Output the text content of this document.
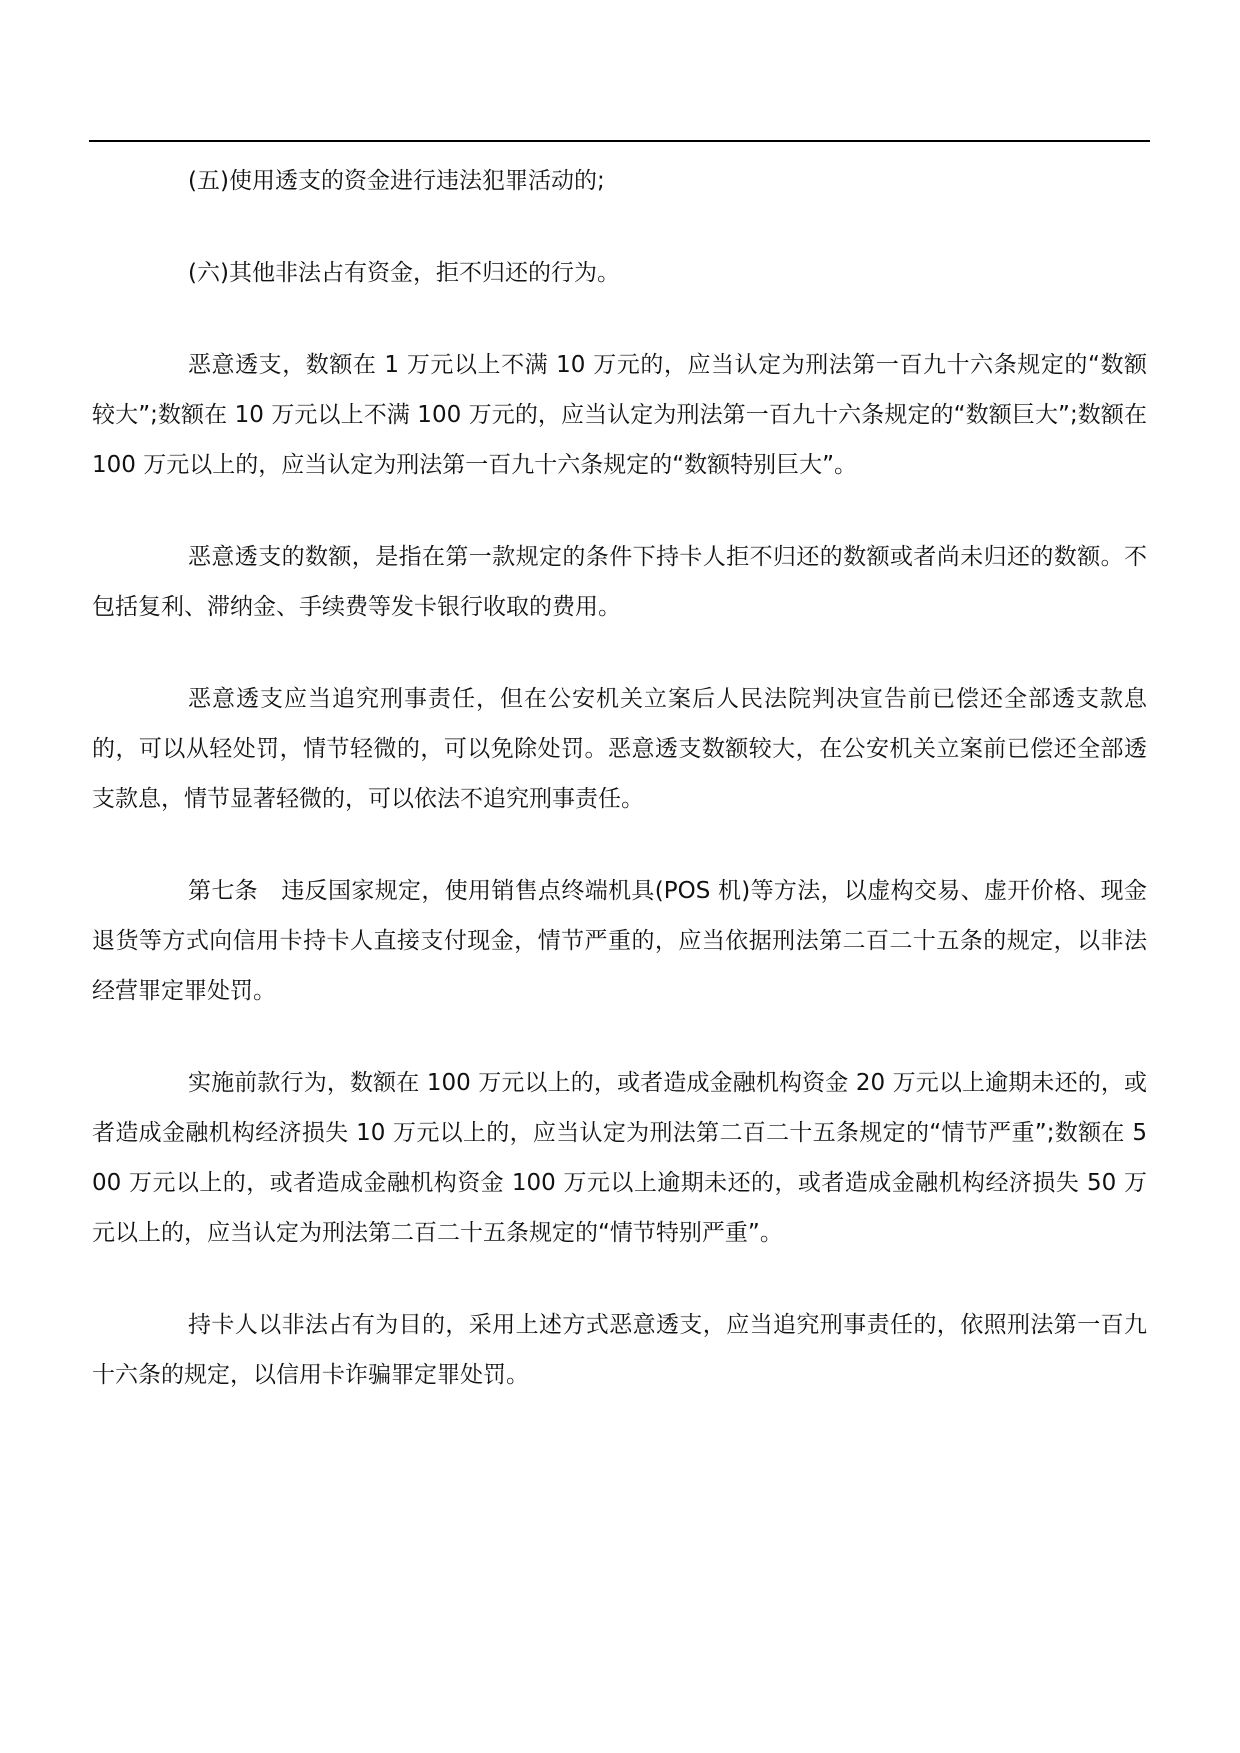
(五)使用透支的资金进行违法犯罪活动的;

(六)其他非法占有资金，拒不归还的行为。

恶意透支，数额在 1 万元以上不满 10 万元的，应当认定为刑法第一百九十六条规定的“数额较大”;数额在 10 万元以上不满 100 万元的，应当认定为刑法第一百九十六条规定的“数额巨大”;数额在 100 万元以上的，应当认定为刑法第一百九十六条规定的“数额特别巨大”。

恶意透支的数额，是指在第一款规定的条件下持卡人拒不归还的数额或者尚未归还的数额。不包括复利、滞纳金、手续费等发卡银行收取的费用。

恶意透支应当追究刑事责任，但在公安机关立案后人民法院判决宣告前已偿还全部透支款息的，可以从轻处罚，情节轻微的，可以免除处罚。恶意透支数额较大，在公安机关立案前已偿还全部透支款息，情节显著轻微的，可以依法不追究刑事责任。

第七条　违反国家规定，使用销售点终端机具(POS 机)等方法，以虚构交易、虚开价格、现金退货等方式向信用卡持卡人直接支付现金，情节严重的，应当依据刑法第二百二十五条的规定，以非法经营罪定罪处罚。

实施前款行为，数额在 100 万元以上的，或者造成金融机构资金 20 万元以上逾期未还的，或者造成金融机构经济损失 10 万元以上的，应当认定为刑法第二百二十五条规定的“情节严重”;数额在 500 万元以上的，或者造成金融机构资金 100 万元以上逾期未还的，或者造成金融机构经济损失 50 万元以上的，应当认定为刑法第二百二十五条规定的“情节特别严重”。

持卡人以非法占有为目的，采用上述方式恶意透支，应当追究刑事责任的，依照刑法第一百九十六条的规定，以信用卡诈骗罪定罪处罚。
